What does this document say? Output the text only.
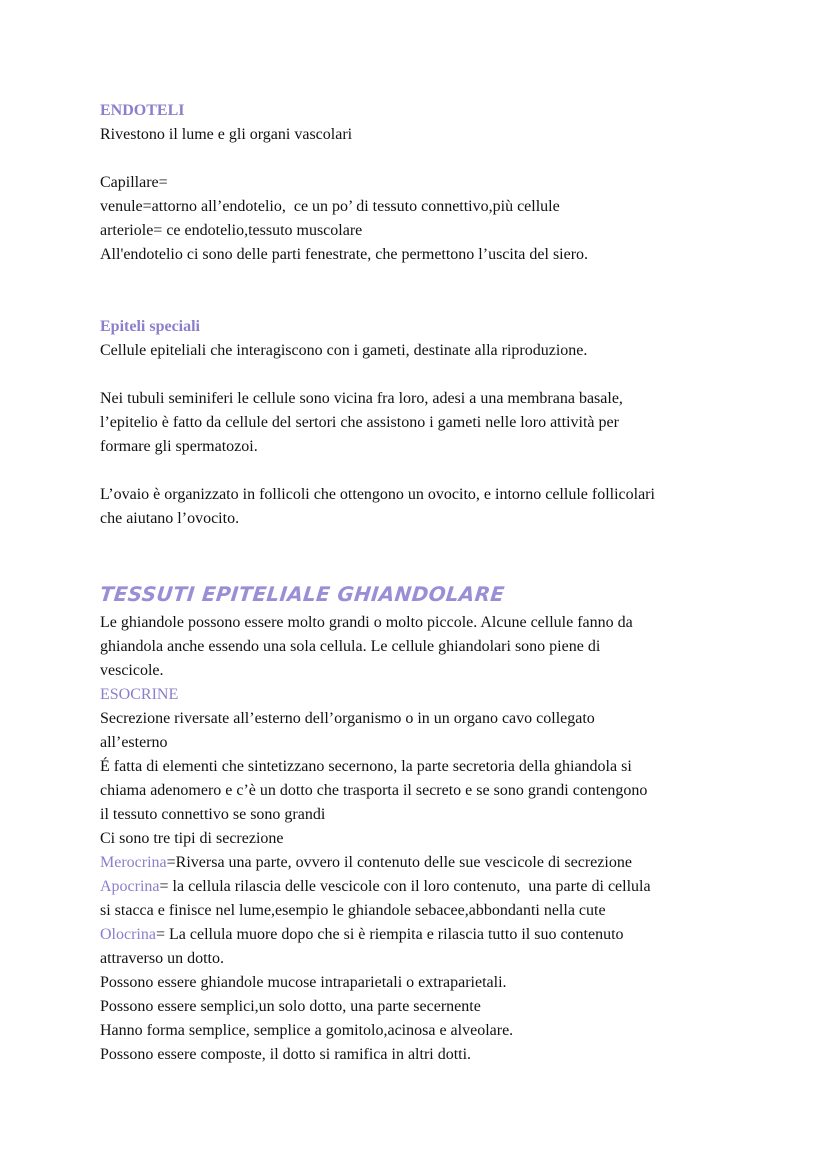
ENDOTELI
Rivestono il lume e gli organi vascolari
Capillare=
venule=attorno all’endotelio,  ce un po’ di tessuto connettivo,più cellule
arteriole= ce endotelio,tessuto muscolare
All'endotelio ci sono delle parti fenestrate, che permettono l’uscita del siero.
Epiteli speciali
Cellule epiteliali che interagiscono con i gameti, destinate alla riproduzione.
Nei tubuli seminiferi le cellule sono vicina fra loro, adesi a una membrana basale,
l’epitelio è fatto da cellule del sertori che assistono i gameti nelle loro attività per
formare gli spermatozoi.
L’ovaio è organizzato in follicoli che ottengono un ovocito, e intorno cellule follicolari
che aiutano l’ovocito.
TESSUTI EPITELIALE GHIANDOLARE
Le ghiandole possono essere molto grandi o molto piccole. Alcune cellule fanno da
ghiandola anche essendo una sola cellula. Le cellule ghiandolari sono piene di
vescicole.
ESOCRINE
Secrezione riversate all’esterno dell’organismo o in un organo cavo collegato
all’esterno
É fatta di elementi che sintetizzano secernono, la parte secretoria della ghiandola si
chiama adenomero e c’è un dotto che trasporta il secreto e se sono grandi contengono
il tessuto connettivo se sono grandi
Ci sono tre tipi di secrezione
Merocrina=Riversa una parte, ovvero il contenuto delle sue vescicole di secrezione
Apocrina= la cellula rilascia delle vescicole con il loro contenuto,  una parte di cellula
si stacca e finisce nel lume,esempio le ghiandole sebacee,abbondanti nella cute
Olocrina= La cellula muore dopo che si è riempita e rilascia tutto il suo contenuto
attraverso un dotto.
Possono essere ghiandole mucose intraparietali o extraparietali.
Possono essere semplici,un solo dotto, una parte secernente
Hanno forma semplice, semplice a gomitolo,acinosa e alveolare.
Possono essere composte, il dotto si ramifica in altri dotti.
